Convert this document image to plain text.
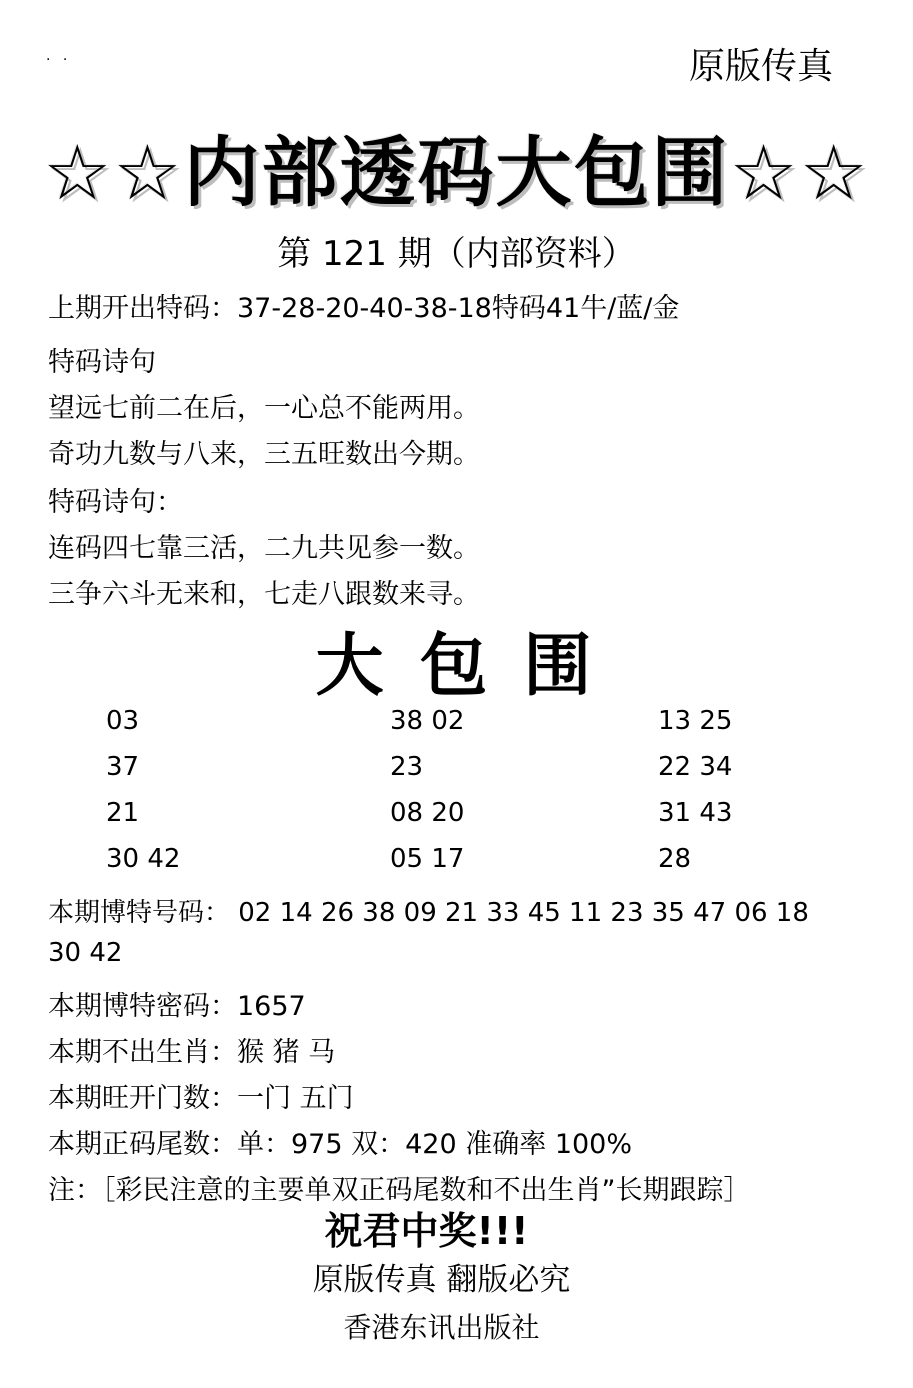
· ·	原版传真
☆☆内部透码大包围☆☆
第 121 期（内部资料）
上期开出特码：37-28-20-40-38-18特码41牛/蓝/金
特码诗句
望远七前二在后，一心总不能两用。
奇功九数与八来，三五旺数出今期。
特码诗句：
连码四七靠三活，二九共见参一数。
三争六斗无来和，七走八跟数来寻。
大包围
03	38 02	13 25
37	23	22 34
21	08 20	31 43
30 42	05 17	28
本期博特号码： 02 14 26 38 09 21 33 45 11 23 35 47 06 18
30 42
本期博特密码：1657
本期不出生肖：猴 猪 马
本期旺开门数：一门 五门
本期正码尾数：单：975 双：420 准确率 100%
注：［彩民注意的主要单双正码尾数和不出生肖”长期跟踪］
祝君中奖!!!
原版传真 翻版必究
香港东讯出版社
